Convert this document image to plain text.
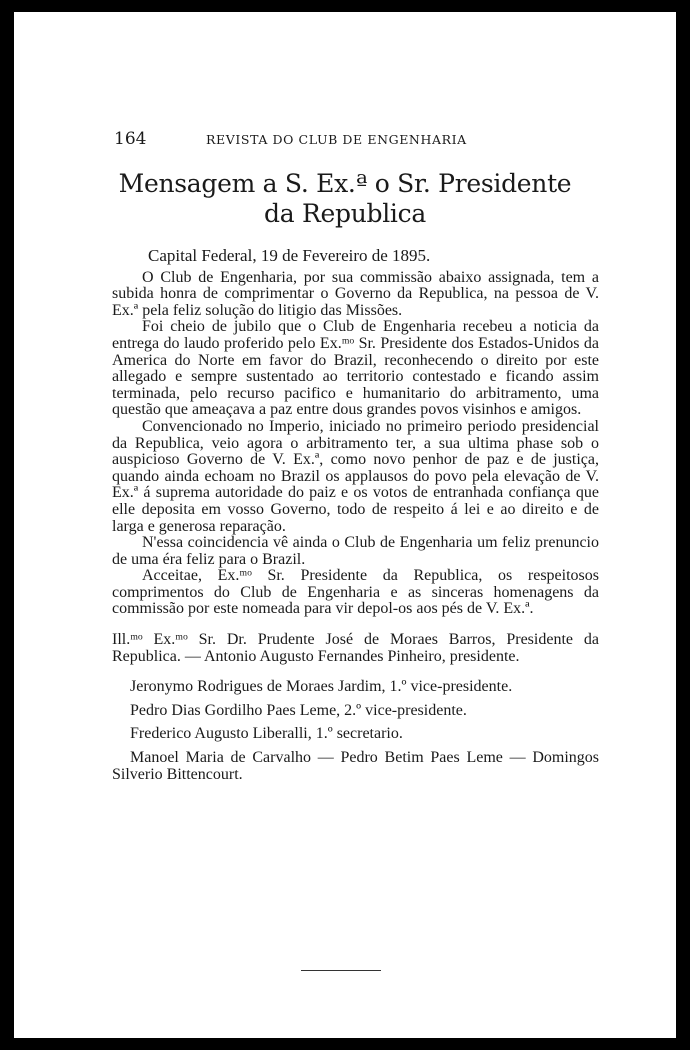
164	REVISTA DO CLUB DE ENGENHARIA
Mensagem a S. Ex.ª o Sr. Presidente
da Republica

Capital Federal, 19 de Fevereiro de 1895.

O Club de Engenharia, por sua commissão abaixo assignada, tem a subida honra de comprimentar o Governo da Republica, na pessoa de V. Ex.ª pela feliz solução do litigio das Missões.

Foi cheio de jubilo que o Club de Engenharia recebeu a noticia da entrega do laudo proferido pelo Ex.ᵐᵒ Sr. Presidente dos Estados-Unidos da America do Norte em favor do Brazil, reconhecendo o direito por este allegado e sempre sustentado ao territorio contestado e ficando assim terminada, pelo recurso pacifico e humanitario do arbitramento, uma questão que ameaçava a paz entre dous grandes povos visinhos e amigos.

Convencionado no Imperio, iniciado no primeiro periodo presidencial da Republica, veio agora o arbitramento ter, a sua ultima phase sob o auspicioso Governo de V. Ex.ª, como novo penhor de paz e de justiça, quando ainda echoam no Brazil os applausos do povo pela elevação de V. Ex.ª á suprema autoridade do paiz e os votos de entranhada confiança que elle deposita em vosso Governo, todo de respeito á lei e ao direito e de larga e generosa reparação.

N'essa coincidencia vê ainda o Club de Engenharia um feliz prenuncio de uma éra feliz para o Brazil.

Acceitae, Ex.ᵐᵒ Sr. Presidente da Republica, os respeitosos comprimentos do Club de Engenharia e as sinceras homenagens da commissão por este nomeada para vir depol-os aos pés de V. Ex.ª.

Ill.ᵐᵒ Ex.ᵐᵒ Sr. Dr. Prudente José de Moraes Barros, Presidente da Republica. — Antonio Augusto Fernandes Pinheiro, presidente.

Jeronymo Rodrigues de Moraes Jardim, 1.º vice-presidente.

Pedro Dias Gordilho Paes Leme, 2.º vice-presidente.

Frederico Augusto Liberalli, 1.º secretario.

Manoel Maria de Carvalho — Pedro Betim Paes Leme — Domingos Silverio Bittencourt.
